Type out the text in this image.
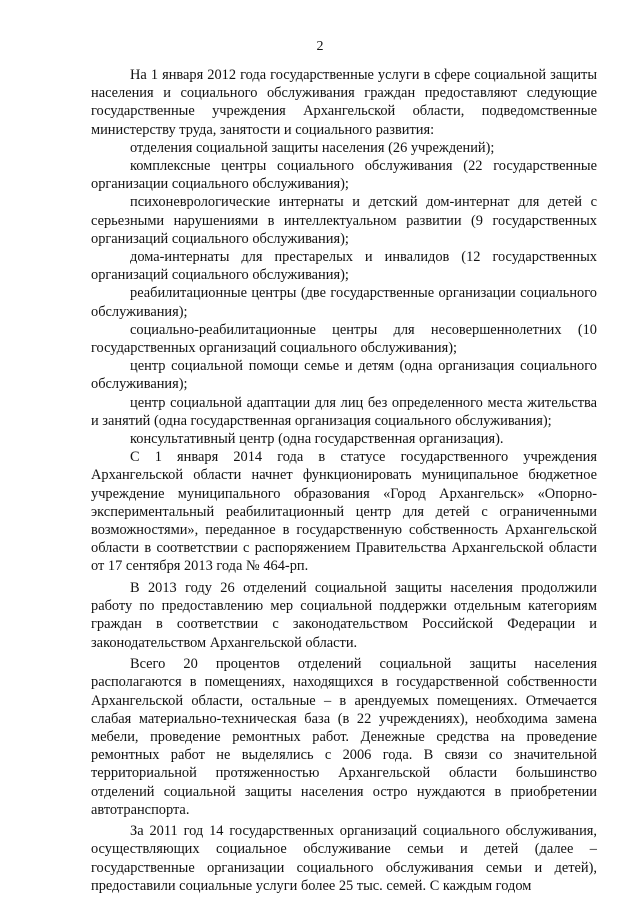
2

На 1 января 2012 года государственные услуги в сфере социальной защиты населения и социального обслуживания граждан предоставляют следующие государственные учреждения Архангельской области, подведомственные министерству труда, занятости и социального развития:

отделения социальной защиты населения (26 учреждений);

комплексные центры социального обслуживания (22 государственные организации социального обслуживания);

психоневрологические интернаты и детский дом-интернат для детей с серьезными нарушениями в интеллектуальном развитии (9 государственных организаций социального обслуживания);

дома-интернаты для престарелых и инвалидов (12 государственных организаций социального обслуживания);

реабилитационные центры (две государственные организации социального обслуживания);

социально-реабилитационные центры для несовершеннолетних (10 государственных организаций социального обслуживания);

центр социальной помощи семье и детям (одна организация социального обслуживания);

центр социальной адаптации для лиц без определенного места жительства и занятий (одна государственная организация социального обслуживания);

консультативный центр (одна государственная организация).

С 1 января 2014 года в статусе государственного учреждения Архангельской области начнет функционировать муниципальное бюджетное учреждение муниципального образования «Город Архангельск» «Опорно-экспериментальный реабилитационный центр для детей с ограниченными возможностями», переданное в государственную собственность Архангельской области в соответствии с распоряжением Правительства Архангельской области от 17 сентября 2013 года № 464-рп.

В 2013 году 26 отделений социальной защиты населения продолжили работу по предоставлению мер социальной поддержки отдельным категориям граждан в соответствии с законодательством Российской Федерации и законодательством Архангельской области.

Всего 20 процентов отделений социальной защиты населения располагаются в помещениях, находящихся в государственной собственности Архангельской области, остальные – в арендуемых помещениях. Отмечается слабая материально-техническая база (в 22 учреждениях), необходима замена мебели, проведение ремонтных работ. Денежные средства на проведение ремонтных работ не выделялись с 2006 года. В связи со значительной территориальной протяженностью Архангельской области большинство отделений социальной защиты населения остро нуждаются в приобретении автотранспорта.

За 2011 год 14 государственных организаций социального обслуживания, осуществляющих социальное обслуживание семьи и детей (далее – государственные организации социального обслуживания семьи и детей), предоставили социальные услуги более 25 тыс. семей. С каждым годом
